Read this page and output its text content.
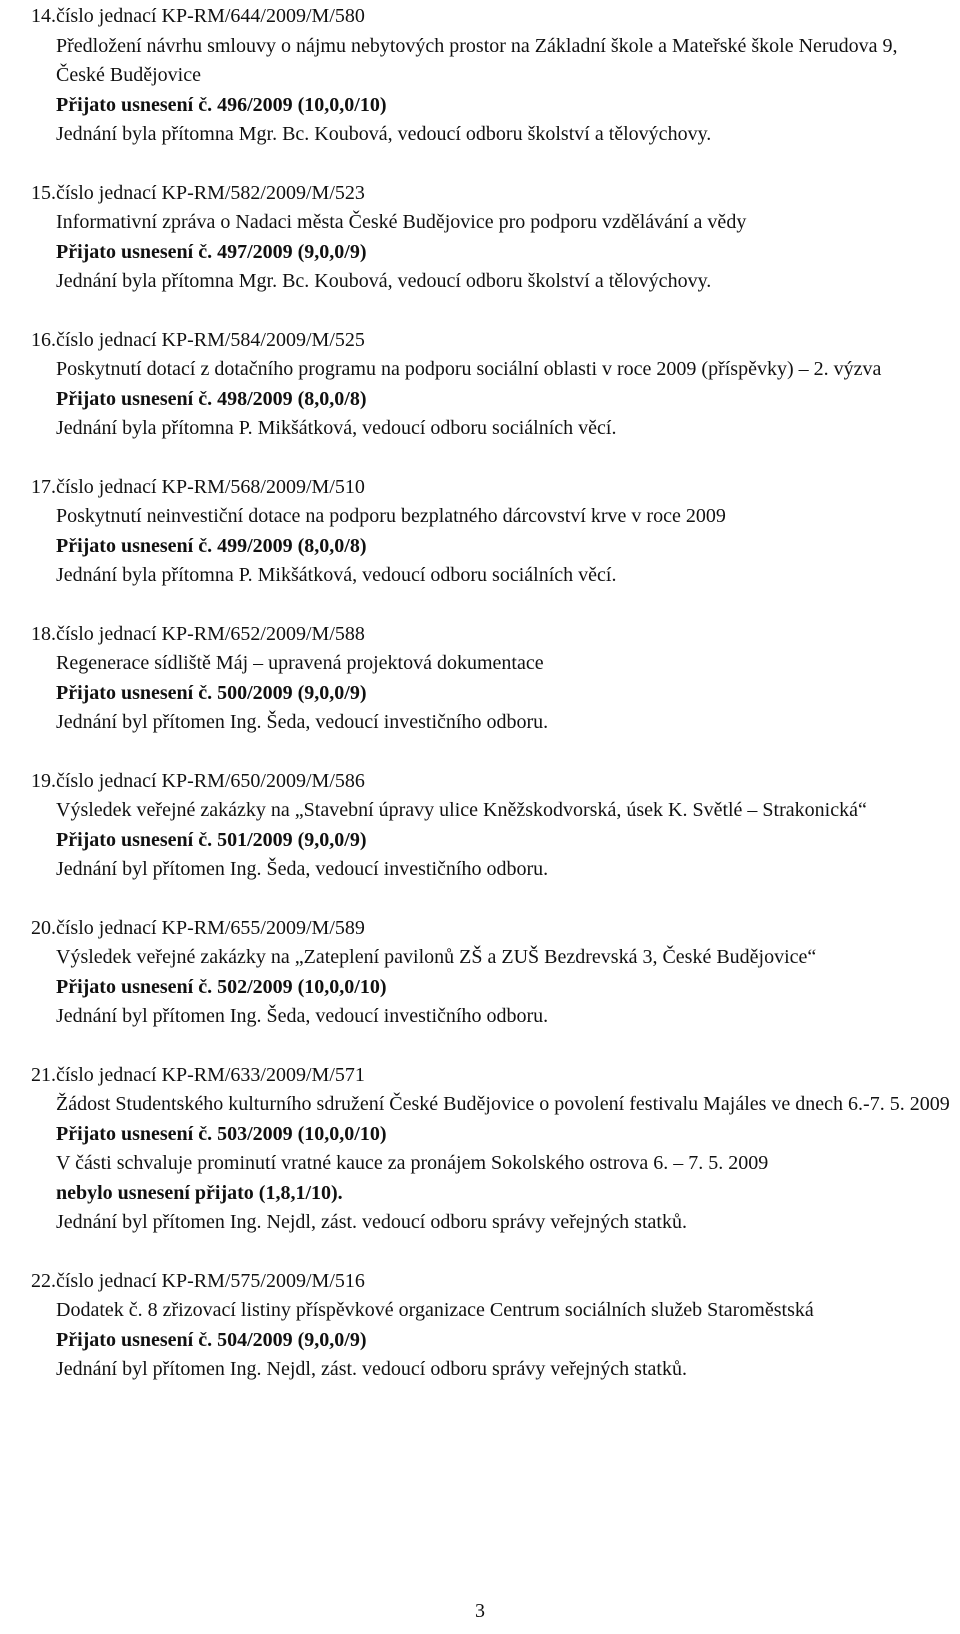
14. číslo jednací KP-RM/644/2009/M/580
Předložení návrhu smlouvy o nájmu nebytových prostor na Základní škole a Mateřské škole Nerudova 9, České Budějovice
Přijato usnesení č. 496/2009 (10,0,0/10)
Jednání byla přítomna Mgr. Bc. Koubová, vedoucí odboru školství a tělovýchovy.
15. číslo jednací KP-RM/582/2009/M/523
Informativní zpráva o Nadaci města České Budějovice pro podporu vzdělávání a vědy
Přijato usnesení č. 497/2009 (9,0,0/9)
Jednání byla přítomna Mgr. Bc. Koubová, vedoucí odboru školství a tělovýchovy.
16. číslo jednací KP-RM/584/2009/M/525
Poskytnutí dotací z dotačního programu na podporu sociální oblasti v roce 2009 (příspěvky) – 2. výzva
Přijato usnesení č. 498/2009 (8,0,0/8)
Jednání byla přítomna P. Mikšátková, vedoucí odboru sociálních věcí.
17. číslo jednací KP-RM/568/2009/M/510
Poskytnutí neinvestiční dotace na podporu bezplatného dárcovství krve v roce 2009
Přijato usnesení č. 499/2009 (8,0,0/8)
Jednání byla přítomna P. Mikšátková, vedoucí odboru sociálních věcí.
18. číslo jednací KP-RM/652/2009/M/588
Regenerace sídliště Máj – upravená projektová dokumentace
Přijato usnesení č. 500/2009 (9,0,0/9)
Jednání byl přítomen Ing. Šeda, vedoucí investičního odboru.
19. číslo jednací KP-RM/650/2009/M/586
Výsledek veřejné zakázky na „Stavební úpravy ulice Kněžskodvorská, úsek K. Světlé – Strakonická“
Přijato usnesení č. 501/2009 (9,0,0/9)
Jednání byl přítomen Ing. Šeda, vedoucí investičního odboru.
20. číslo jednací KP-RM/655/2009/M/589
Výsledek veřejné zakázky na „Zateplení pavilonů ZŠ a ZUŠ Bezdrevská 3, České Budějovice“
Přijato usnesení č. 502/2009 (10,0,0/10)
Jednání byl přítomen Ing. Šeda, vedoucí investičního odboru.
21. číslo jednací KP-RM/633/2009/M/571
Žádost Studentského kulturního sdružení České Budějovice o povolení festivalu Majáles ve dnech 6.-7. 5. 2009
Přijato usnesení č. 503/2009 (10,0,0/10)
V části schvaluje prominutí vratné kauce za pronájem Sokolského ostrova 6. – 7. 5. 2009
nebylo usnesení přijato (1,8,1/10).
Jednání byl přítomen Ing. Nejdl, zást. vedoucí odboru správy veřejných statků.
22. číslo jednací KP-RM/575/2009/M/516
Dodatek č. 8 zřizovací listiny příspěvkové organizace Centrum sociálních služeb Staroměstská
Přijato usnesení č. 504/2009 (9,0,0/9)
Jednání byl přítomen Ing. Nejdl, zást. vedoucí odboru správy veřejných statků.
3
